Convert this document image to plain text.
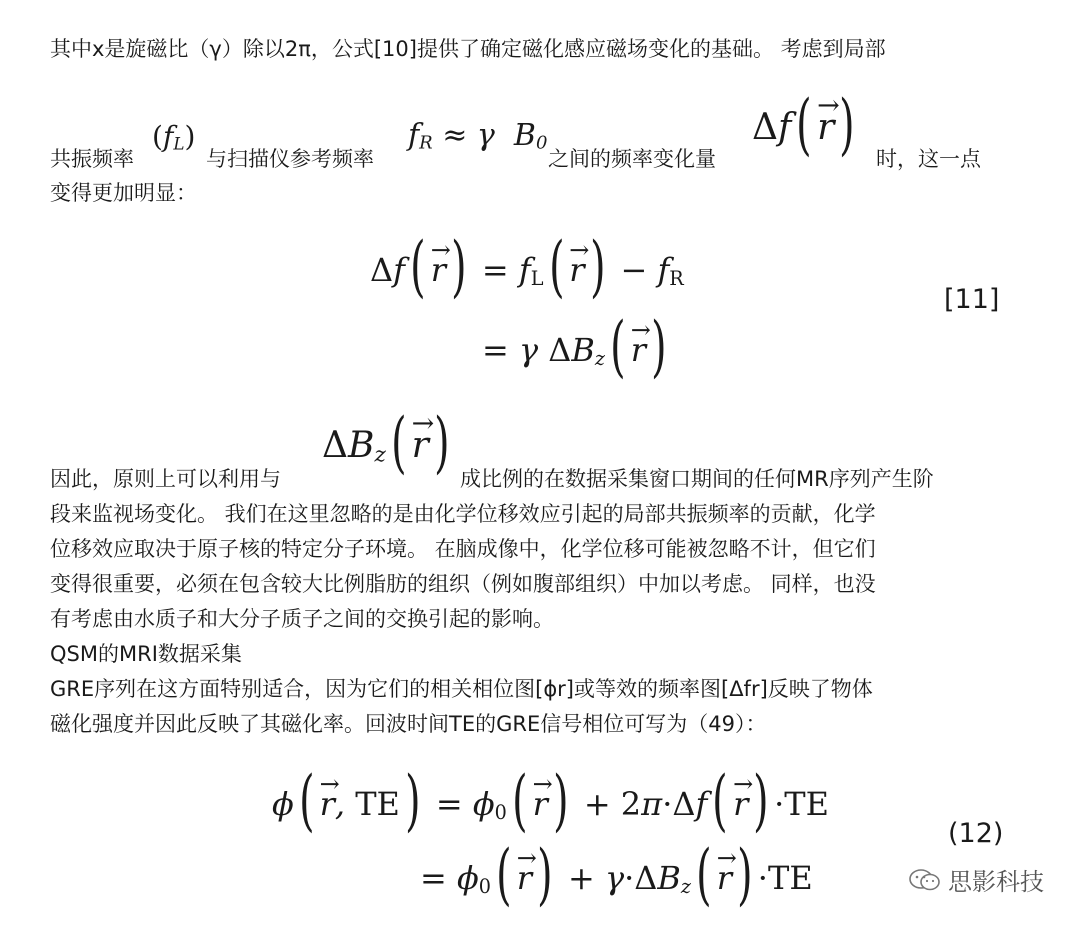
其中x是旋磁比（γ）除以2π，公式[10]提供了确定磁化感应磁场变化的基础。 考虑到局部
共振频率
$(f_L)$
与扫描仪参考频率
$f_R \approx \gamma$  $B_0$
之间的频率变化量
Δf( → r) 时，这一点
变得更加明显：
$\Delta f( \to r) = f_L( \to r) - f_R$
= γ $\Delta B_z( \to r)$
[11]
$\Delta B_z( \to r)$
因此，原则上可以利用与	成比例的在数据采集窗口期间的任何MR序列产生阶
段来监视场变化。 我们在这里忽略的是由化学位移效应引起的局部共振频率的贡献，化学
位移效应取决于原子核的特定分子环境。 在脑成像中，化学位移可能被忽略不计，但它们
变得很重要，必须在包含较大比例脂肪的组织（例如腹部组织）中加以考虑。 同样，也没
有考虑由水质子和大分子质子之间的交换引起的影响。
QSM的MRI数据采集
GRE序列在这方面特别适合，因为它们的相关相位图[ϕr]或等效的频率图[Δfr]反映了物体
磁化强度并因此反映了其磁化率。回波时间TE的GRE信号相位可写为（49）：
ϕ( → r, $TE) = \phi_0( \to r) + 2\pi\cdot\Delta f( \to r) \cdot TE$
= $\phi_0( \to r) + \gamma\cdot\Delta B_z( \to r) \cdot TE$
(12)
思影科技
